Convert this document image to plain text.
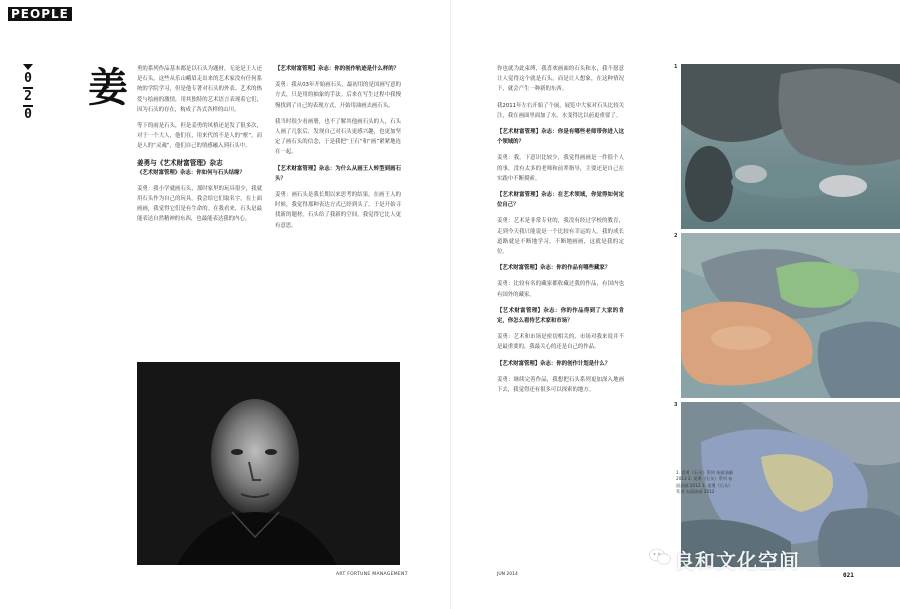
PEOPLE
0
2
0
姜 勇的系列作品基本都是以石头为题材，无论是王人还是石头，这些从乐山峨眉走出来的艺术家没有任何系统的学院学习，但是他专著对石头的外表、艺术的热爱与绘画的激情，用其独特的艺术语言表现着它们，因为石头的存在，构成了各式各样的山川。

等下的雨是石头，但是姜勇的风格还是发了很多次，对于一个大人，他们在，用来代的不是人的“框”，而是人的“灵魂”，他们自己的情感融入到石头中。

姜勇与《艺术财富管理》杂志

《艺术财富管理》杂志：你如何与石头结缘？

姜勇：我小学就画石头，那时家里的玩具很少，我就用石头作为自己的玩具。我会给它们取名字，在上面画画，我觉得它们是有生命的。在我看来，石头是最能表达自然精神的东西，也最能表达我的内心。

【艺术财富管理】杂志：你的创作轨迹是什么样的？

姜勇：我从03年开始画石头，最初用的是国画写意的方式，只是用的抽象的手法。后来在写生过程中我慢慢找到了自己的表现方式，开始用油画去画石头。

我当时很少看画册，也不了解其他画石头的人，石头人画了几张后，发现自己对石头更感兴趣，也更加坚定了画石头的信念，于是我把“王石”和“画”紧紧地连在一起。

【艺术财富管理】杂志：为什么从画王人转型到画石头？

姜勇：画石头是我长期以来思考的结果，在画王人的时候，我觉得那种表达方式已经到头了，于是开始寻找新的题材。石头给了我新的空间，我觉得它比人更有意思。

ART FORTUNE MANAGEMENT

你也就为此束缚，我喜欢画面的石头和水，我不愿意让人觉得这个就是石头，而是让人想象，在这种情况下，就会产生一种新的东西。

我2011年左右开始了个展，展览中大家对石头比较关注，我在画面里面加了水，水变得比以前更重要了。

【艺术财富管理】杂志：你是有哪些老师带你进入这个领域的？

姜勇：我，下意识比较少，我觉得画画是一件很个人的事，没有太多的老师和前辈指导，主要还是自己在实践中不断摸索。

【艺术财富管理】杂志：在艺术领域，你觉得如何定位自己？

姜勇：艺术是非常专业的，我没有经过学校的教育，走到今天我只能说是一个比较有幸运的人。我的成长道路就是不断地学习，不断地画画，这就是我的定位。

【艺术财富管理】杂志：你的作品有哪些藏家？

姜勇：比较有名的藏家都收藏过我的作品，有国内也有国外的藏家。

【艺术财富管理】杂志：你的作品得到了大家的肯定，你怎么看待艺术家和市场？

姜勇：艺术和市场是密切相关的，市场对我来说并不是最重要的，我最关心的还是自己的作品。

【艺术财富管理】杂志：你的创作计划是什么？

姜勇：继续完善作品，我想把石头系列更加深入地画下去，我觉得还有很多可以探索的地方。

JUN 2014
1
2
3
1. 姜勇《石头》系列 布面油画 2013 2. 姜勇《石头》系列 布面油画 2012 3. 姜勇《石头》系列 布面油画 2012
良和文化空间
021
